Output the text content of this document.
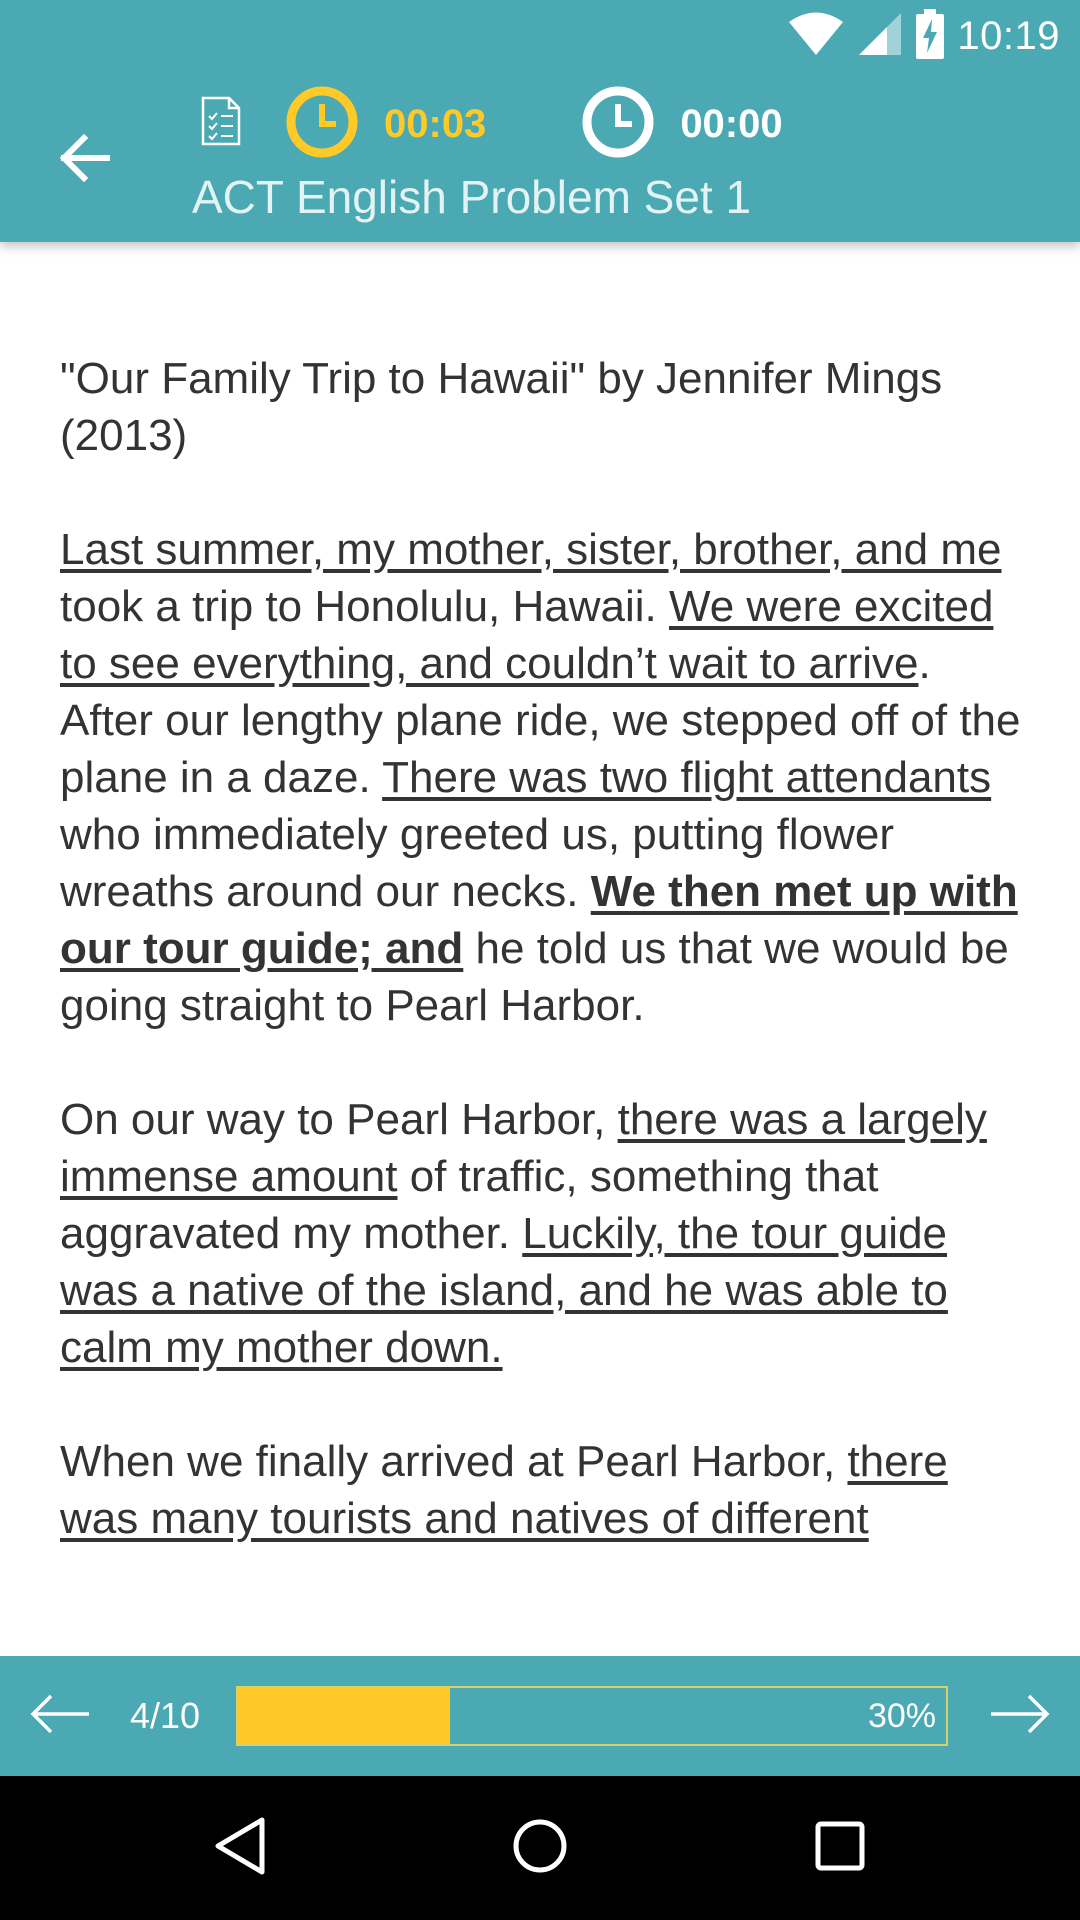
10:19
00:03	00:00
ACT English Problem Set 1

"Our Family Trip to Hawaii" by Jennifer Mings (2013)

Last summer, my mother, sister, brother, and me took a trip to Honolulu, Hawaii. We were excited to see everything, and couldn’t wait to arrive. After our lengthy plane ride, we stepped off of the plane in a daze. There was two flight attendants who immediately greeted us, putting flower wreaths around our necks. We then met up with our tour guide; and he told us that we would be going straight to Pearl Harbor.

On our way to Pearl Harbor, there was a largely immense amount of traffic, something that aggravated my mother. Luckily, the tour guide was a native of the island, and he was able to calm my mother down.

When we finally arrived at Pearl Harbor, there was many tourists and natives of different

4/10	30%
